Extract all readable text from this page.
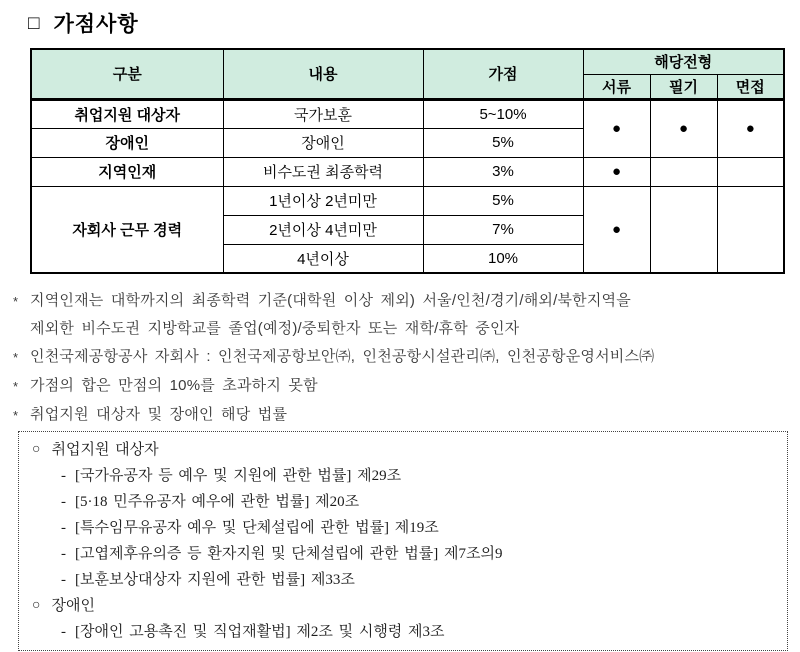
□ 가점사항
구분	내용	가점	해당전형		
			서류	필기	면접
취업지원 대상자	국가보훈	5~10%	●	●	●
장애인	장애인	5%			
지역인재	비수도권 최종학력	3%	●		
자회사 근무 경력	1년이상 2년미만	5%	●		
	2년이상 4년미만	7%			
	4년이상	10%			
* 지역인재는 대학까지의 최종학력 기준(대학원 이상 제외) 서울/인천/경기/해외/북한지역을
제외한 비수도권 지방학교를 졸업(예정)/중퇴한자 또는 재학/휴학 중인자
* 인천국제공항공사 자회사 : 인천국제공항보안㈜, 인천공항시설관리㈜, 인천공항운영서비스㈜
* 가점의 합은 만점의 10%를 초과하지 못함
* 취업지원 대상자 및 장애인 해당 법률
○ 취업지원 대상자
- [국가유공자 등 예우 및 지원에 관한 법률] 제29조
- [5·18 민주유공자 예우에 관한 법률] 제20조
- [특수임무유공자 예우 및 단체설립에 관한 법률] 제19조
- [고엽제후유의증 등 환자지원 및 단체설립에 관한 법률] 제7조의9
- [보훈보상대상자 지원에 관한 법률] 제33조
○ 장애인
- [장애인 고용촉진 및 직업재활법] 제2조 및 시행령 제3조
